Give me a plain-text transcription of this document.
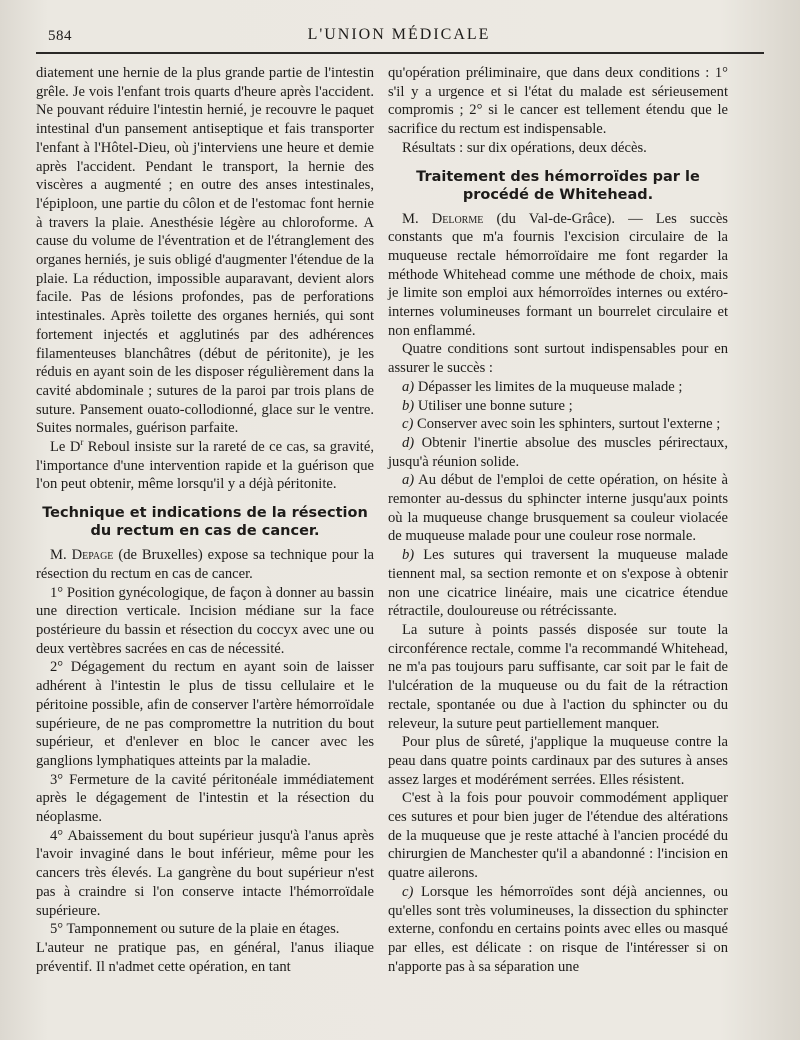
584	L'UNION MÉDICALE

diatement une hernie de la plus grande partie de l'intestin grêle. Je vois l'enfant trois quarts d'heure après l'accident. Ne pouvant réduire l'intestin hernié, je recouvre le paquet intestinal d'un pansement antiseptique et fais transporter l'enfant à l'Hôtel-Dieu, où j'interviens une heure et demie après l'accident. Pendant le transport, la hernie des viscères a augmenté ; en outre des anses intestinales, l'épiploon, une partie du côlon et de l'estomac font hernie à travers la plaie. Anesthésie légère au chloroforme. A cause du volume de l'éventration et de l'étranglement des organes herniés, je suis obligé d'augmenter l'étendue de la plaie. La réduction, impossible auparavant, devient alors facile. Pas de lésions profondes, pas de perforations intestinales. Après toilette des organes herniés, qui sont fortement injectés et agglutinés par des adhérences filamenteuses blanchâtres (début de péritonite), je les réduis en ayant soin de les disposer régulièrement dans la cavité abdominale ; sutures de la paroi par trois plans de suture. Pansement ouato-collodionné, glace sur le ventre. Suites normales, guérison parfaite.

Le $D^r$ Reboul insiste sur la rareté de ce cas, sa gravité, l'importance d'une intervention rapide et la guérison que l'on peut obtenir, même lorsqu'il y a déjà péritonite.

Technique et indications de la résection du rectum en cas de cancer.

M. Depage (de Bruxelles) expose sa technique pour la résection du rectum en cas de cancer.

1° Position gynécologique, de façon à donner au bassin une direction verticale. Incision médiane sur la face postérieure du bassin et résection du coccyx avec une ou deux vertèbres sacrées en cas de nécessité.

2° Dégagement du rectum en ayant soin de laisser adhérent à l'intestin le plus de tissu cellulaire et le péritoine possible, afin de conserver l'artère hémorroïdale supérieure, de ne pas compromettre la nutrition du bout supérieur, et d'enlever en bloc le cancer avec les ganglions lymphatiques atteints par la maladie.

3° Fermeture de la cavité péritonéale immédiatement après le dégagement de l'intestin et la résection du néoplasme.

4° Abaissement du bout supérieur jusqu'à l'anus après l'avoir invaginé dans le bout inférieur, même pour les cancers très élevés. La gangrène du bout supérieur n'est pas à craindre si l'on conserve intacte l'hémorroïdale supérieure.

5° Tamponnement ou suture de la plaie en étages.

L'auteur ne pratique pas, en général, l'anus iliaque préventif. Il n'admet cette opération, en tant

qu'opération préliminaire, que dans deux conditions : 1° s'il y a urgence et si l'état du malade est sérieusement compromis ; 2° si le cancer est tellement étendu que le sacrifice du rectum est indispensable.

Résultats : sur dix opérations, deux décès.

Traitement des hémorroïdes par le procédé de Whitehead.

M. Delorme (du Val-de-Grâce). — Les succès constants que m'a fournis l'excision circulaire de la muqueuse rectale hémorroïdaire me font regarder la méthode Whitehead comme une méthode de choix, mais je limite son emploi aux hémorroïdes internes ou extéro-internes volumineuses formant un bourrelet circulaire et non enflammé.

Quatre conditions sont surtout indispensables pour en assurer le succès :

a) Dépasser les limites de la muqueuse malade ;

b) Utiliser une bonne suture ;

c) Conserver avec soin les sphinters, surtout l'externe ;

d) Obtenir l'inertie absolue des muscles périrectaux, jusqu'à réunion solide.

a) Au début de l'emploi de cette opération, on hésite à remonter au-dessus du sphincter interne jusqu'aux points où la muqueuse change brusquement sa couleur violacée de muqueuse malade pour une couleur rose normale.

b) Les sutures qui traversent la muqueuse malade tiennent mal, sa section remonte et on s'expose à obtenir non une cicatrice linéaire, mais une cicatrice étendue rétractile, douloureuse ou rétrécissante.

La suture à points passés disposée sur toute la circonférence rectale, comme l'a recommandé Whitehead, ne m'a pas toujours paru suffisante, car soit par le fait de l'ulcération de la muqueuse ou du fait de la rétraction rectale, spontanée ou due à l'action du sphincter ou du releveur, la suture peut partiellement manquer.

Pour plus de sûreté, j'applique la muqueuse contre la peau dans quatre points cardinaux par des sutures à anses assez larges et modérément serrées. Elles résistent.

C'est à la fois pour pouvoir commodément appliquer ces sutures et pour bien juger de l'étendue des altérations de la muqueuse que je reste attaché à l'ancien procédé du chirurgien de Manchester qu'il a abandonné : l'incision en quatre ailerons.

c) Lorsque les hémorroïdes sont déjà anciennes, ou qu'elles sont très volumineuses, la dissection du sphincter externe, confondu en certains points avec elles ou masqué par elles, est délicate : on risque de l'intéresser si on n'apporte pas à sa séparation une
